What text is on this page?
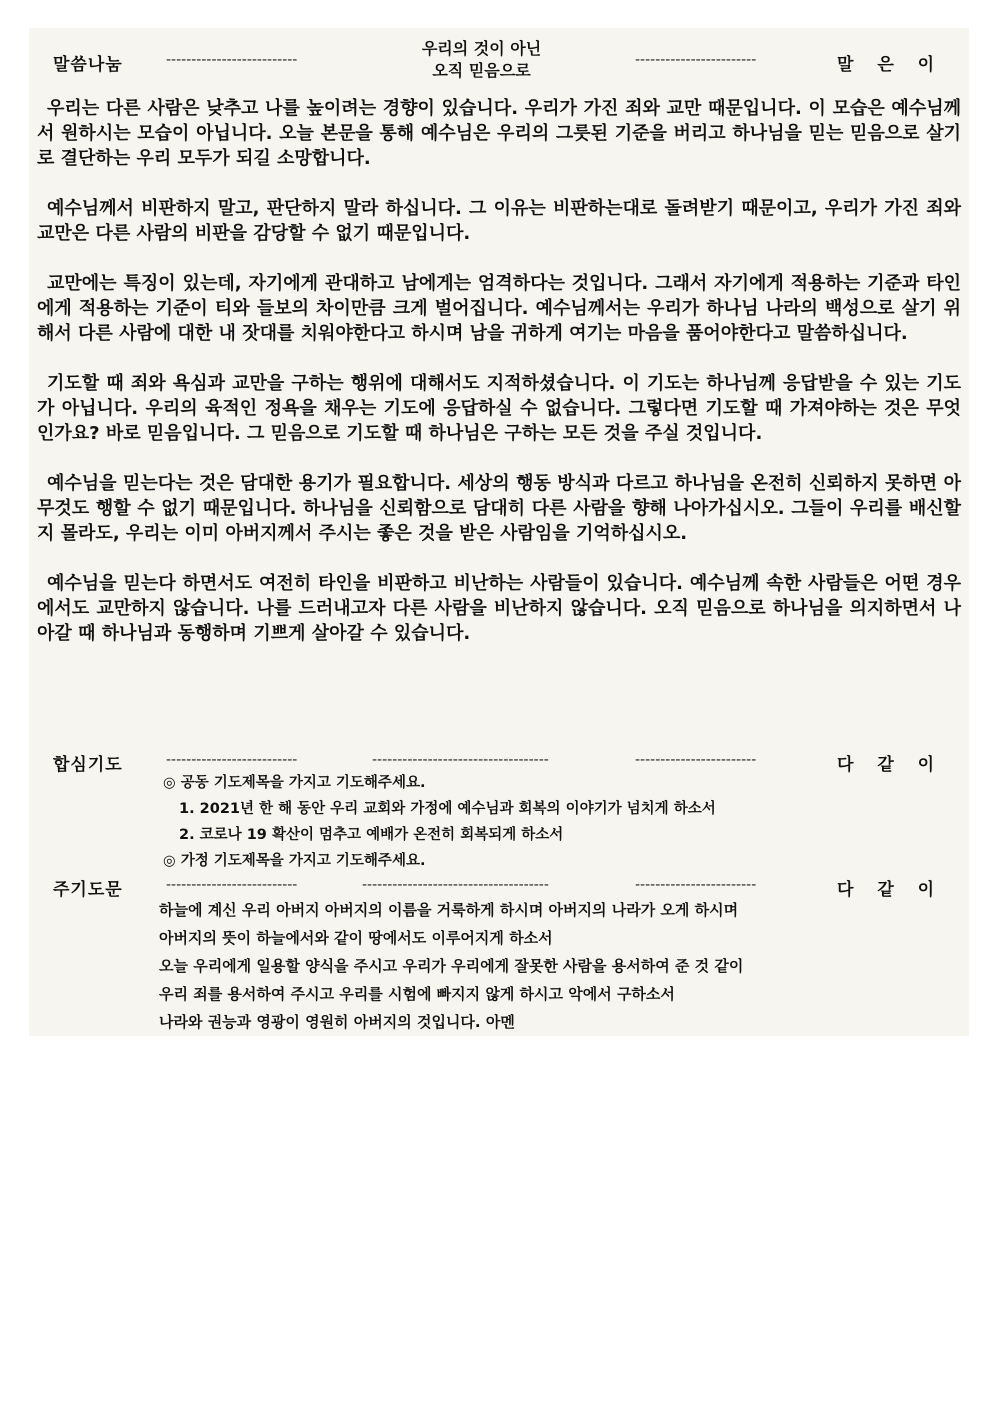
말씀나눔	--------------------------
우리의 것이 아닌
오직 믿음으로
------------------------	말 은 이

우리는 다른 사람은 낮추고 나를 높이려는 경향이 있습니다. 우리가 가진 죄와 교만 때문입니다. 이 모습은 예수님께서 원하시는 모습이 아닙니다. 오늘 본문을 통해 예수님은 우리의 그릇된 기준을 버리고 하나님을 믿는 믿음으로 살기로 결단하는 우리 모두가 되길 소망합니다.

예수님께서 비판하지 말고, 판단하지 말라 하십니다. 그 이유는 비판하는대로 돌려받기 때문이고, 우리가 가진 죄와 교만은 다른 사람의 비판을 감당할 수 없기 때문입니다.

교만에는 특징이 있는데, 자기에게 관대하고 남에게는 엄격하다는 것입니다. 그래서 자기에게 적용하는 기준과 타인에게 적용하는 기준이 티와 들보의 차이만큼 크게 벌어집니다. 예수님께서는 우리가 하나님 나라의 백성으로 살기 위해서 다른 사람에 대한 내 잣대를 치워야한다고 하시며 남을 귀하게 여기는 마음을 품어야한다고 말씀하십니다.

기도할 때 죄와 욕심과 교만을 구하는 행위에 대해서도 지적하셨습니다. 이 기도는 하나님께 응답받을 수 있는 기도가 아닙니다. 우리의 육적인 정욕을 채우는 기도에 응답하실 수 없습니다. 그렇다면 기도할 때 가져야하는 것은 무엇인가요? 바로 믿음입니다. 그 믿음으로 기도할 때 하나님은 구하는 모든 것을 주실 것입니다.

예수님을 믿는다는 것은 담대한 용기가 필요합니다. 세상의 행동 방식과 다르고 하나님을 온전히 신뢰하지 못하면 아무것도 행할 수 없기 때문입니다. 하나님을 신뢰함으로 담대히 다른 사람을 향해 나아가십시오. 그들이 우리를 배신할지 몰라도, 우리는 이미 아버지께서 주시는 좋은 것을 받은 사람임을 기억하십시오.

예수님을 믿는다 하면서도 여전히 타인을 비판하고 비난하는 사람들이 있습니다. 예수님께 속한 사람들은 어떤 경우에서도 교만하지 않습니다. 나를 드러내고자 다른 사람을 비난하지 않습니다. 오직 믿음으로 하나님을 의지하면서 나아갈 때 하나님과 동행하며 기쁘게 살아갈 수 있습니다.

합심기도	--------------------------	-----------------------------------	------------------------	다 같 이
◎ 공동 기도제목을 가지고 기도해주세요.
1. 2021년 한 해 동안 우리 교회와 가정에 예수님과 회복의 이야기가 넘치게 하소서
2. 코로나 19 확산이 멈추고 예배가 온전히 회복되게 하소서
◎ 가정 기도제목을 가지고 기도해주세요.
주기도문	--------------------------	-------------------------------------	------------------------	다 같 이
하늘에 계신 우리 아버지 아버지의 이름을 거룩하게 하시며 아버지의 나라가 오게 하시며
아버지의 뜻이 하늘에서와 같이 땅에서도 이루어지게 하소서
오늘 우리에게 일용할 양식을 주시고 우리가 우리에게 잘못한 사람을 용서하여 준 것 같이
우리 죄를 용서하여 주시고 우리를 시험에 빠지지 않게 하시고 악에서 구하소서
나라와 권능과 영광이 영원히 아버지의 것입니다. 아멘
